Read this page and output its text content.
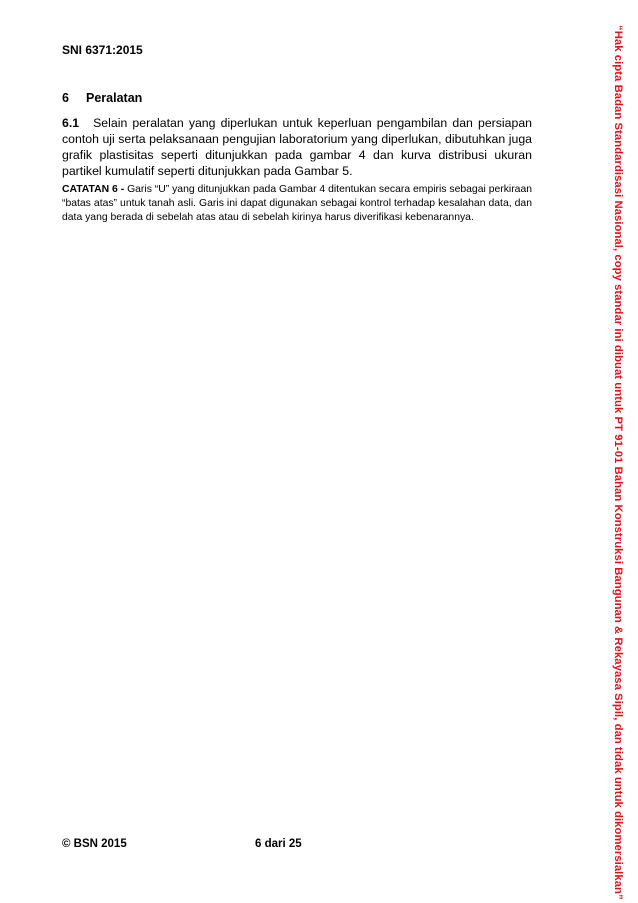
SNI 6371:2015
6 Peralatan
6.1 Selain peralatan yang diperlukan untuk keperluan pengambilan dan persiapan contoh uji serta pelaksanaan pengujian laboratorium yang diperlukan, dibutuhkan juga grafik plastisitas seperti ditunjukkan pada gambar 4 dan kurva distribusi ukuran partikel kumulatif seperti ditunjukkan pada Gambar 5.
CATATAN 6 - Garis “U” yang ditunjukkan pada Gambar 4 ditentukan secara empiris sebagai perkiraan “batas atas” untuk tanah asli. Garis ini dapat digunakan sebagai kontrol terhadap kesalahan data, dan data yang berada di sebelah atas atau di sebelah kirinya harus diverifikasi kebenarannya.
© BSN 2015	6 dari 25	“Hak cipta Badan Standardisasi Nasional, copy standar ini dibuat untuk PT 91-01 Bahan Konstruksi Bangunan & Rekayasa Sipil, dan tidak untuk dikomersialkan”
